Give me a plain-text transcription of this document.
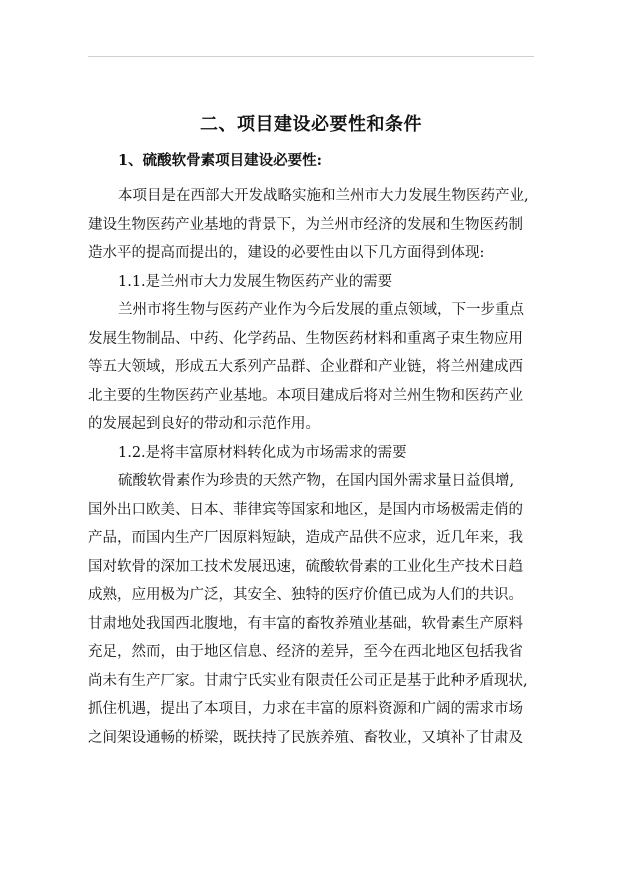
二、项目建设必要性和条件
1、硫酸软骨素项目建设必要性:
本项目是在西部大开发战略实施和兰州市大力发展生物医药产业,
建设生物医药产业基地的背景下，为兰州市经济的发展和生物医药制
造水平的提高而提出的，建设的必要性由以下几方面得到体现:
1.1.是兰州市大力发展生物医药产业的需要
兰州市将生物与医药产业作为今后发展的重点领域，下一步重点
发展生物制品、中药、化学药品、生物医药材料和重离子束生物应用
等五大领域，形成五大系列产品群、企业群和产业链，将兰州建成西
北主要的生物医药产业基地。本项目建成后将对兰州生物和医药产业
的发展起到良好的带动和示范作用。
1.2.是将丰富原材料转化成为市场需求的需要
硫酸软骨素作为珍贵的天然产物，在国内国外需求量日益俱增,
国外出口欧美、日本、菲律宾等国家和地区，是国内市场极需走俏的
产品，而国内生产厂因原料短缺，造成产品供不应求，近几年来，我
国对软骨的深加工技术发展迅速，硫酸软骨素的工业化生产技术日趋
成熟，应用极为广泛，其安全、独特的医疗价值已成为人们的共识。
甘肃地处我国西北腹地，有丰富的畜牧养殖业基础，软骨素生产原料
充足，然而，由于地区信息、经济的差异，至今在西北地区包括我省
尚未有生产厂家。甘肃宁氏实业有限责任公司正是基于此种矛盾现状,
抓住机遇，提出了本项目，力求在丰富的原料资源和广阔的需求市场
之间架设通畅的桥梁，既扶持了民族养殖、畜牧业，又填补了甘肃及
